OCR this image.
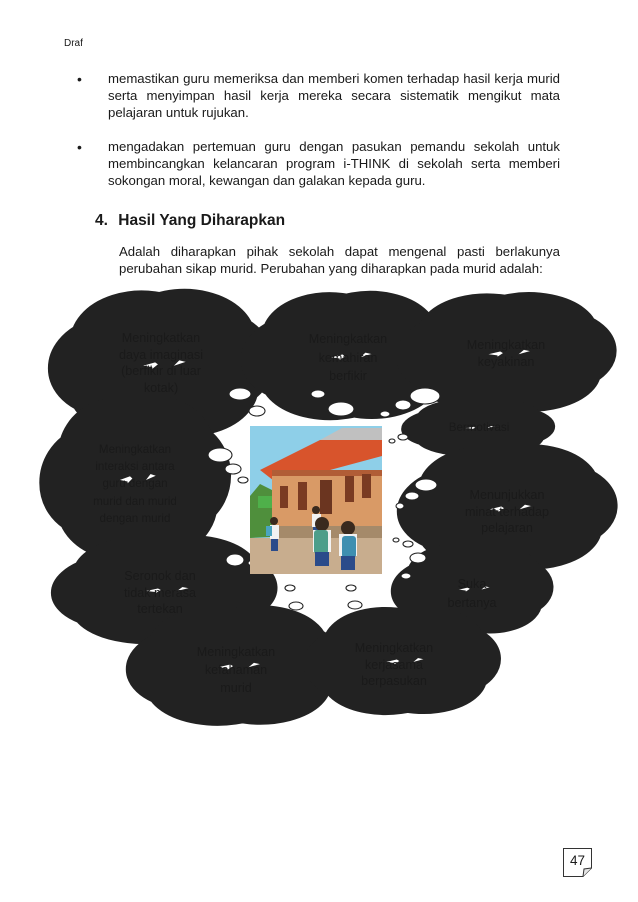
Draf
• memastikan guru memeriksa dan memberi komen terhadap hasil kerja murid serta menyimpan hasil kerja mereka secara sistematik mengikut mata pelajaran untuk rujukan.
• mengadakan pertemuan guru dengan pasukan pemandu sekolah untuk membincangkan kelancaran program i-THINK di sekolah serta memberi sokongan moral, kewangan dan galakan kepada guru.
4. Hasil Yang Diharapkan
Adalah diharapkan pihak sekolah dapat mengenal pasti berlakunya perubahan sikap murid. Perubahan yang diharapkan pada murid adalah:
Meningkatkan
daya imaginasi
(berfikir di luar
kotak)
Meningkatkan
kemahiran
berfikir
Meningkatkan
keyakinan
Bermotivasi
Meningkatkan
interaksi antara
guru dengan
murid dan murid
dengan murid
Menunjukkan
minat terhadap
pelajaran
Seronok dan
tidak merasa
tertekan
Suka
bertanya
Meningkatkan
kefahaman
murid
Meningkatkan
kerjasama
berpasukan
47
